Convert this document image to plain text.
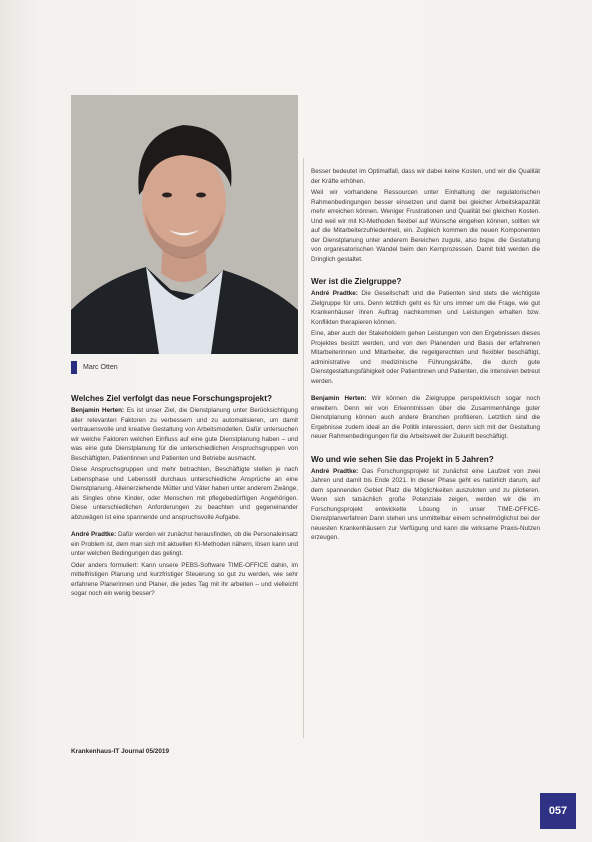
Marc Otten
Welches Ziel verfolgt das neue Forschungsprojekt?

Benjamin Herten: Es ist unser Ziel, die Dienstplanung unter Berücksichtigung aller relevanten Faktoren zu verbessern und zu automatisieren, um damit vertrauensvolle und kreative Gestaltung von Arbeitsmodellen. Dafür untersuchen wir welche Faktoren welchen Einfluss auf eine gute Dienstplanung haben – und was eine gute Dienstplanung für die unterschiedlichen Anspruchsgruppen von Beschäftigten, Patientinnen und Patienten und Betriebe ausmacht.

Diese Anspruchsgruppen und mehr betrachten, Beschäftigte stellen je nach Lebensphase und Lebensstil durchaus unterschiedliche Ansprüche an eine Dienstplanung. Alleinerziehende Mütter und Väter haben unter anderem Zwänge, als Singles ohne Kinder, oder Menschen mit pflegebedürftigen Angehörigen. Diese unterschiedlichen Anforderungen zu beachten und gegeneinander abzuwägen ist eine spannende und anspruchsvolle Aufgabe.

André Pradtke: Dafür werden wir zunächst herausfinden, ob die Personaleinsatz ein Problem ist, dem man sich mit aktuellen KI-Methoden nähern, lösen kann und unter welchen Bedingungen das gelingt.

Oder anders formuliert: Kann unsere PEBS-Software TIME-OFFICE dahin, im mittelfristigen Planung und kurzfristiger Steuerung so gut zu werden, wie sehr erfahrene Planerinnen und Planer, die jedes Tag mit ihr arbeiten – und vielleicht sogar noch ein wenig besser?

Besser bedeutet im Optimalfall, dass wir dabei keine Kosten, und wir die Qualität der Kräfte erhöhen.

Weil wir vorhandene Ressourcen unter Einhaltung der regulatorischen Rahmenbedingungen besser einsetzen und damit bei gleicher Arbeitskapazität mehr erreichen können. Weniger Frustrationen und Qualität bei gleichen Kosten. Und weil wir mit KI-Methoden flexibel auf Wünsche eingehen können, sollten wir auf die Mitarbeiterzufriedenheit, ein. Zugleich kommen die neuen Komponenten der Dienstplanung unter anderem Bereichen zugute, also bspw. die Gestaltung von organisatorischen Wandel beim den Kernprozessen. Damit bild werden die Dringlich gestaltet.

Wer ist die Zielgruppe?

André Pradtke: Die Gesellschaft und die Patienten sind stets die wichtigste Zielgruppe für uns. Denn letztlich geht es für uns immer um die Frage, wie gut Krankenhäuser ihren Auftrag nachkommen und Leistungen erhalten bzw. Konflikten therapieren können.

Eine, aber auch der Stakeholdern gehen Leistungen von den Ergebnissen dieses Projektes besitzt werden, und von den Planenden und Basis der erfahrenen Mitarbeiterinnen und Mitarbeiter, die regelgerechten und flexibler beschäftigt, administrative und medizinische Führungskräfte, die durch gute Dienstgestaltungsfähigkeit oder Patientinnen und Patienten, die intensiven betreut werden.

Benjamin Herten: Wir können die Zielgruppe perspektivisch sogar noch erweitern. Denn wir von Erkenntnissen über die Zusammenhänge guter Dienstplanung können auch andere Branchen profitieren. Letztlich sind die Ergebnisse zudem ideal an die Politik interessiert, denn sich mit der Gestaltung neuer Rahmenbedingungen für die Arbeitswelt der Zukunft beschäftigt.

Wo und wie sehen Sie das Projekt in 5 Jahren?

André Pradtke: Das Forschungsprojekt ist zunächst eine Laufzeit von zwei Jahren und damit bis Ende 2021. In dieser Phase geht es natürlich darum, auf dem spannenden Gebiet Platz die Möglichkeiten auszuloten und zu pilotieren. Wenn sich tatsächlich große Potenziale zeigen, werden wir die im Forschungsprojekt entwickelte Lösung in unser TIME-OFFICE-Dienstplanverfahren Dann stehen uns unmittelbar einem schnellmöglichst bei der neuesten Krankenhäusern zur Verfügung und kann die wirksame Praxis-Nutzen erzeugen.

Krankenhaus-IT Journal 05/2019
057
